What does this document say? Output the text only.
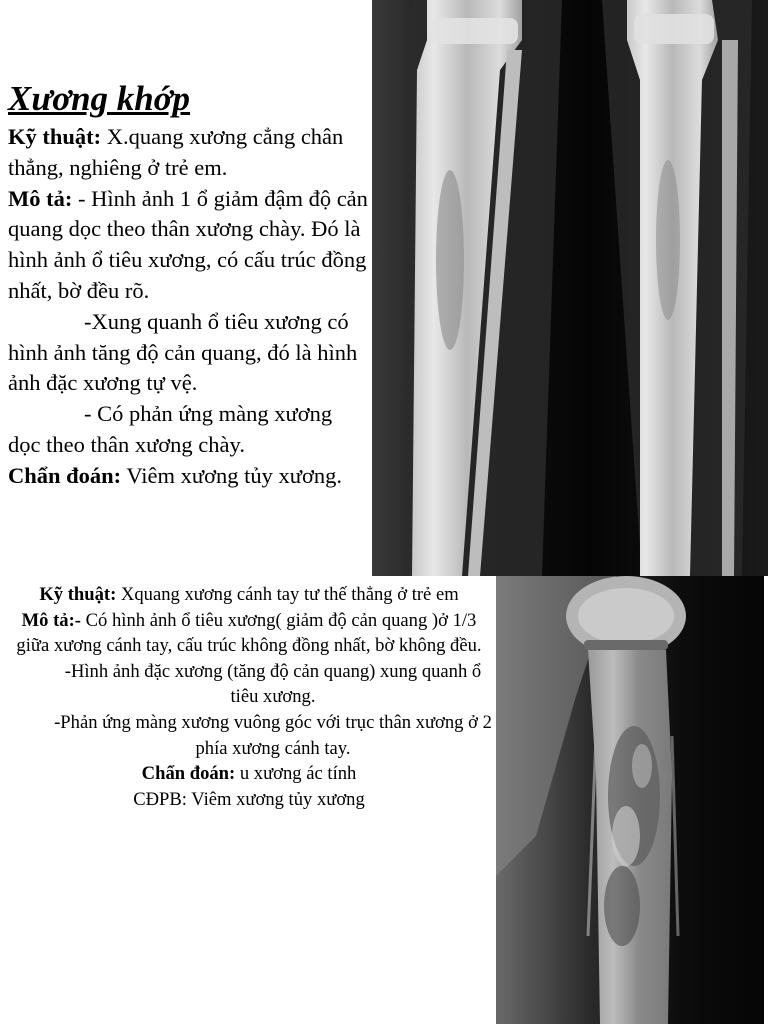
Xương khớp
Kỹ thuật: X.quang xương cẳng chân thẳng, nghiêng ở trẻ em.
Mô tả: - Hình ảnh 1 ổ giảm đậm độ cản quang dọc theo thân xương chày. Đó là hình ảnh ổ tiêu xương, có cấu trúc đồng nhất, bờ đều rõ.
-Xung quanh ổ tiêu xương có hình ảnh tăng độ cản quang, đó là hình ảnh đặc xương tự vệ.
- Có phản ứng màng xương dọc theo thân xương chày.
Chẩn đoán: Viêm xương tủy xương.
Kỹ thuật: Xquang xương cánh tay tư thế thẳng ở trẻ em
Mô tả:- Có hình ảnh ổ tiêu xương( giảm độ cản quang )ở 1/3 giữa xương cánh tay, cấu trúc không đồng nhất, bờ không đều.
-Hình ảnh đặc xương (tăng độ cản quang) xung quanh ổ tiêu xương.
-Phản ứng màng xương vuông góc với trục thân xương ở 2 phía xương cánh tay.
Chẩn đoán: u xương ác tính
CĐPB: Viêm xương tủy xương
